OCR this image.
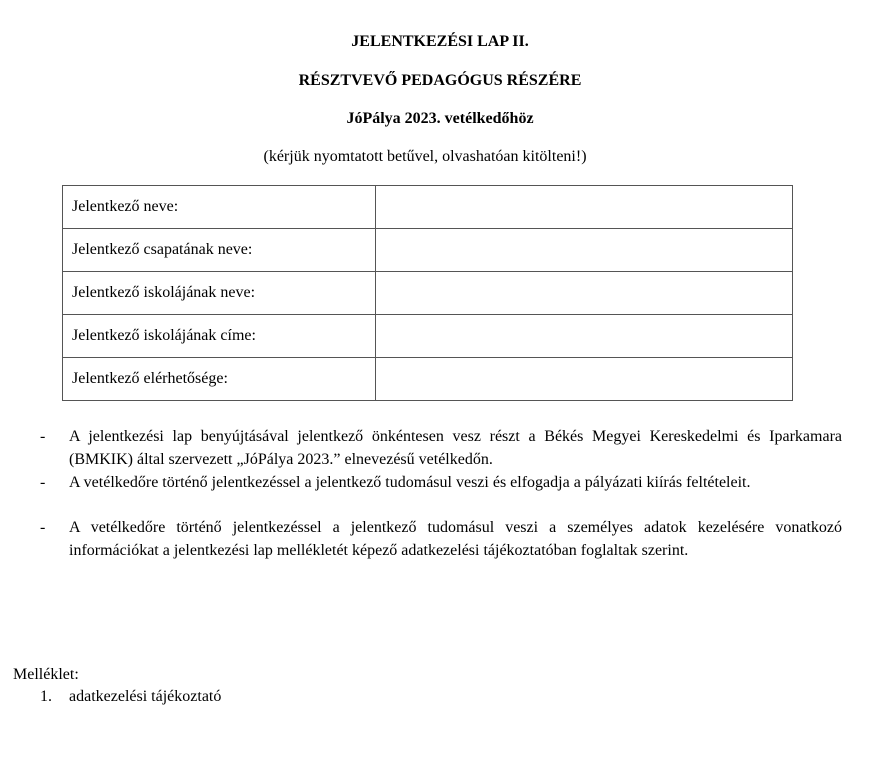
JELENTKEZÉSI LAP II.
RÉSZTVEVŐ PEDAGÓGUS RÉSZÉRE
JóPálya 2023. vetélkedőhöz
(kérjük nyomtatott betűvel, olvashatóan kitölteni!)
Jelentkező neve:	
Jelentkező csapatának neve:	
Jelentkező iskolájának neve:	
Jelentkező iskolájának címe:	
Jelentkező elérhetősége:	
- A jelentkezési lap benyújtásával jelentkező önkéntesen vesz részt a Békés Megyei Kereskedelmi és Iparkamara (BMKIK) által szervezett „JóPálya 2023.” elnevezésű vetélkedőn.
- A vetélkedőre történő jelentkezéssel a jelentkező tudomásul veszi és elfogadja a pályázati kiírás feltételeit.
- A vetélkedőre történő jelentkezéssel a jelentkező tudomásul veszi a személyes adatok kezelésére vonatkozó információkat a jelentkezési lap mellékletét képező adatkezelési tájékoztatóban foglaltak szerint.
Melléklet:
1. adatkezelési tájékoztató
